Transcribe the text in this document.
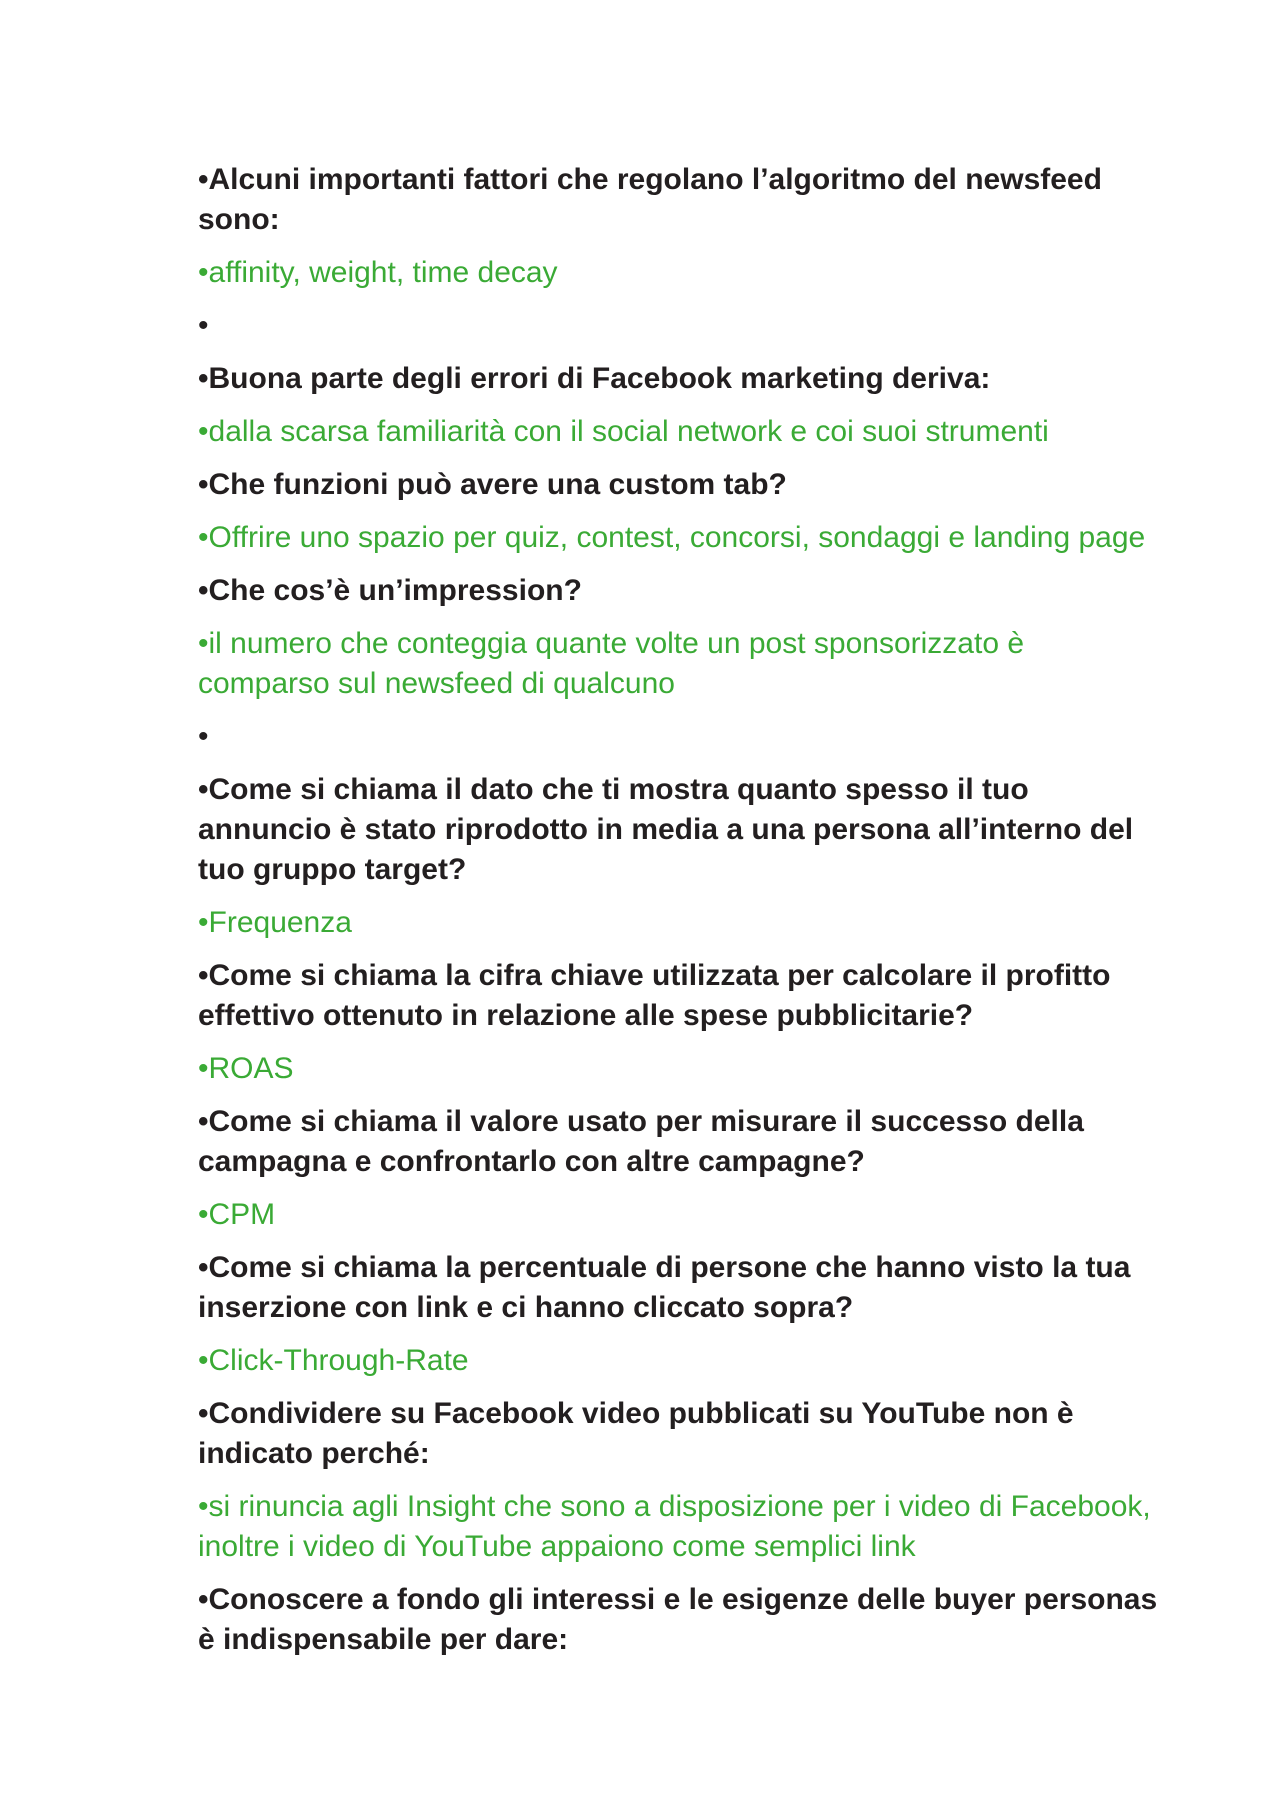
•Alcuni importanti fattori che regolano l’algoritmo del newsfeed sono:
•affinity, weight, time decay
•
•Buona parte degli errori di Facebook marketing deriva:
•dalla scarsa familiarità con il social network e coi suoi strumenti
•Che funzioni può avere una custom tab?
•Offrire uno spazio per quiz, contest, concorsi, sondaggi e landing page
•Che cos’è un’impression?
•il numero che conteggia quante volte un post sponsorizzato è comparso sul newsfeed di qualcuno
•
•Come si chiama il dato che ti mostra quanto spesso il tuo annuncio è stato riprodotto in media a una persona all’interno del tuo gruppo target?
•Frequenza
•Come si chiama la cifra chiave utilizzata per calcolare il profitto effettivo ottenuto in relazione alle spese pubblicitarie?
•ROAS
•Come si chiama il valore usato per misurare il successo della campagna e confrontarlo con altre campagne?
•CPM
•Come si chiama la percentuale di persone che hanno visto la tua inserzione con link e ci hanno cliccato sopra?
•Click-Through-Rate
•Condividere su Facebook video pubblicati su YouTube non è indicato perché:
•si rinuncia agli Insight che sono a disposizione per i video di Facebook, inoltre i video di YouTube appaiono come semplici link
•Conoscere a fondo gli interessi e le esigenze delle buyer personas è indispensabile per dare:
